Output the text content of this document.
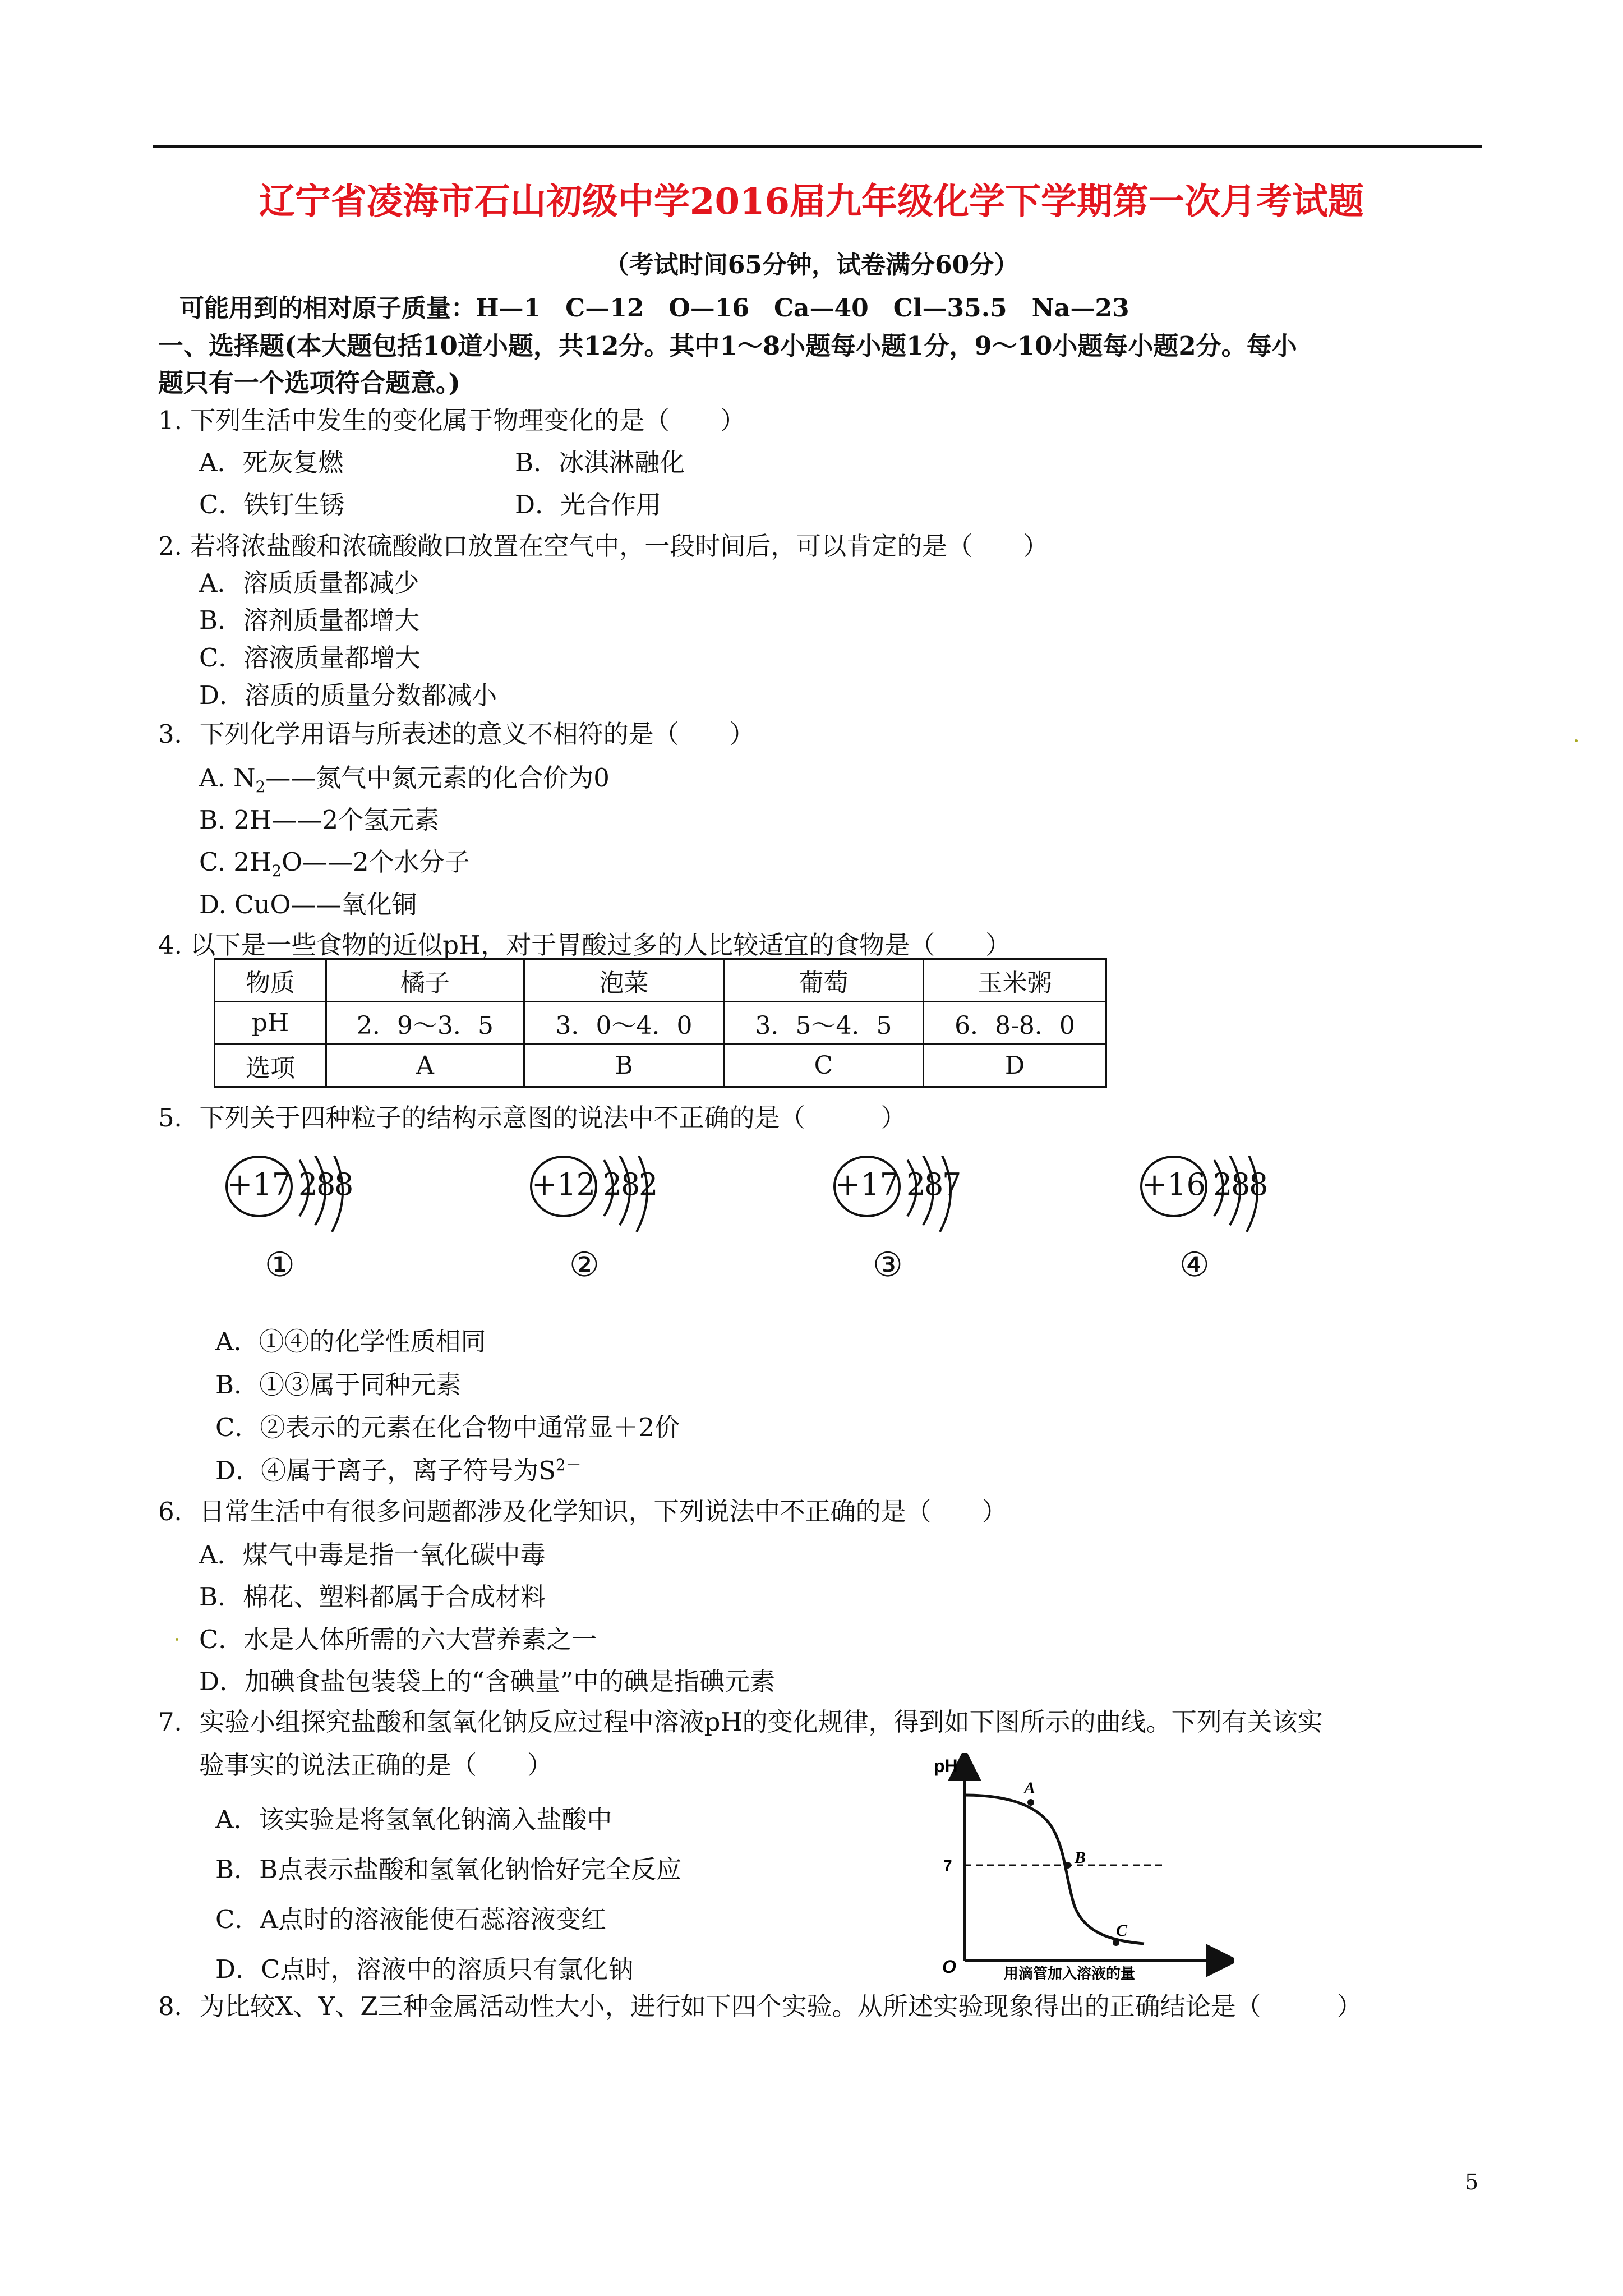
辽宁省凌海市石山初级中学2016届九年级化学下学期第一次月考试题
（考试时间65分钟，试卷满分60分）
可能用到的相对原子质量：H—1　C—12　O—16　Ca—40　Cl—35.5　Na—23
一、选择题(本大题包括10道小题，共12分。其中1～8小题每小题1分，9～10小题每小题2分。每小
题只有一个选项符合题意。)
1. 下列生活中发生的变化属于物理变化的是（　　）
A．死灰复燃	B．冰淇淋融化
C．铁钉生锈	D．光合作用
2. 若将浓盐酸和浓硫酸敞口放置在空气中，一段时间后，可以肯定的是（　　）
A．溶质质量都减少
B．溶剂质量都增大
C．溶液质量都增大
D．溶质的质量分数都减小
3．下列化学用语与所表述的意义不相符的是（　　）
A. $N_2——$氮气中氮元素的化合价为0
B. 2H——2个氢元素
C. $2H_2O——2$个水分子
D. CuO——氧化铜
4. 以下是一些食物的近似pH，对于胃酸过多的人比较适宜的食物是（　　）
物质	橘子	泡菜	葡萄	玉米粥
pH	2．9～3．5	3．0～4．0	3．5～4．5	6．8-8．0
选项	A	B	C	D
5．下列关于四种粒子的结构示意图的说法中不正确的是（　　　）
+17 2
8
8
①
+12 2
8
2
②
+17 2
8
7
③
+16 2
8
8
④
A．①④的化学性质相同
B．①③属于同种元素
C．②表示的元素在化合物中通常显＋2价
D．④属于离子，离子符号为$S^{2-}$
6．日常生活中有很多问题都涉及化学知识，下列说法中不正确的是（　　）
A．煤气中毒是指一氧化碳中毒
B．棉花、塑料都属于合成材料
C．水是人体所需的六大营养素之一
D．加碘食盐包装袋上的“含碘量”中的碘是指碘元素
7．实验小组探究盐酸和氢氧化钠反应过程中溶液pH的变化规律，得到如下图所示的曲线。下列有关该实
验事实的说法正确的是（　　）
A．该实验是将氢氧化钠滴入盐酸中
B．B点表示盐酸和氢氧化钠恰好完全反应
C．A点时的溶液能使石蕊溶液变红
D．C点时，溶液中的溶质只有氯化钠
pH
7
O
A
B
C
用滴管加入溶液的量
8．为比较X、Y、Z三种金属活动性大小，进行如下四个实验。从所述实验现象得出的正确结论是（　　　）
5
